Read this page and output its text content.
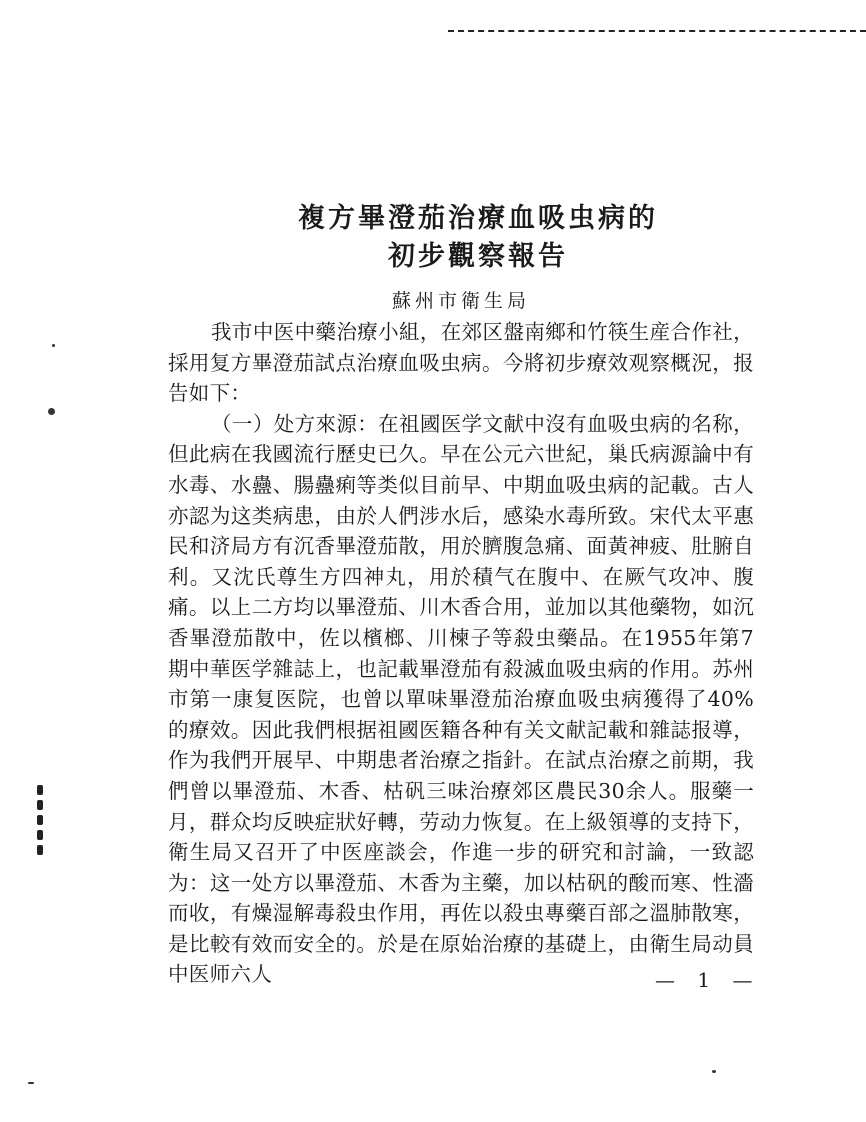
複方畢澄茄治療血吸虫病的

初步觀察報告

蘇州市衛生局

我市中医中藥治療小組，在郊区盤南鄉和竹筷生産合作社，採用复方畢澄茄試点治療血吸虫病。今將初步療效观察概況，报告如下：

（一）处方來源：在祖國医学文献中沒有血吸虫病的名称，但此病在我國流行歷史已久。早在公元六世紀，巢氏病源論中有水毒、水蠱、腸蠱痢等类似目前早、中期血吸虫病的記載。古人亦認为这类病患，由於人們涉水后，感染水毒所致。宋代太平惠民和济局方有沉香畢澄茄散，用於臍腹急痛、面黃神疲、肚腑自利。又沈氏尊生方四神丸，用於積气在腹中、在厥气攻冲、腹痛。以上二方均以畢澄茄、川木香合用，並加以其他藥物，如沉香畢澄茄散中，佐以檳榔、川楝子等殺虫藥品。在1955年第7期中華医学雜誌上，也記載畢澄茄有殺滅血吸虫病的作用。苏州市第一康复医院，也曾以單味畢澄茄治療血吸虫病獲得了40%的療效。因此我們根据祖國医籍各种有关文献記載和雜誌报導，作为我們开展早、中期患者治療之指針。在試点治療之前期，我們曾以畢澄茄、木香、枯矾三味治療郊区農民30余人。服藥一月，群众均反映症狀好轉，劳动力恢复。在上級領導的支持下，衛生局又召开了中医座談会，作進一步的研究和討論，一致認为：这一处方以畢澄茄、木香为主藥，加以枯矾的酸而寒、性濇而收，有燥湿解毒殺虫作用，再佐以殺虫專藥百部之溫肺散寒，是比較有效而安全的。於是在原始治療的基礎上，由衛生局动員中医师六人	— 1 —
